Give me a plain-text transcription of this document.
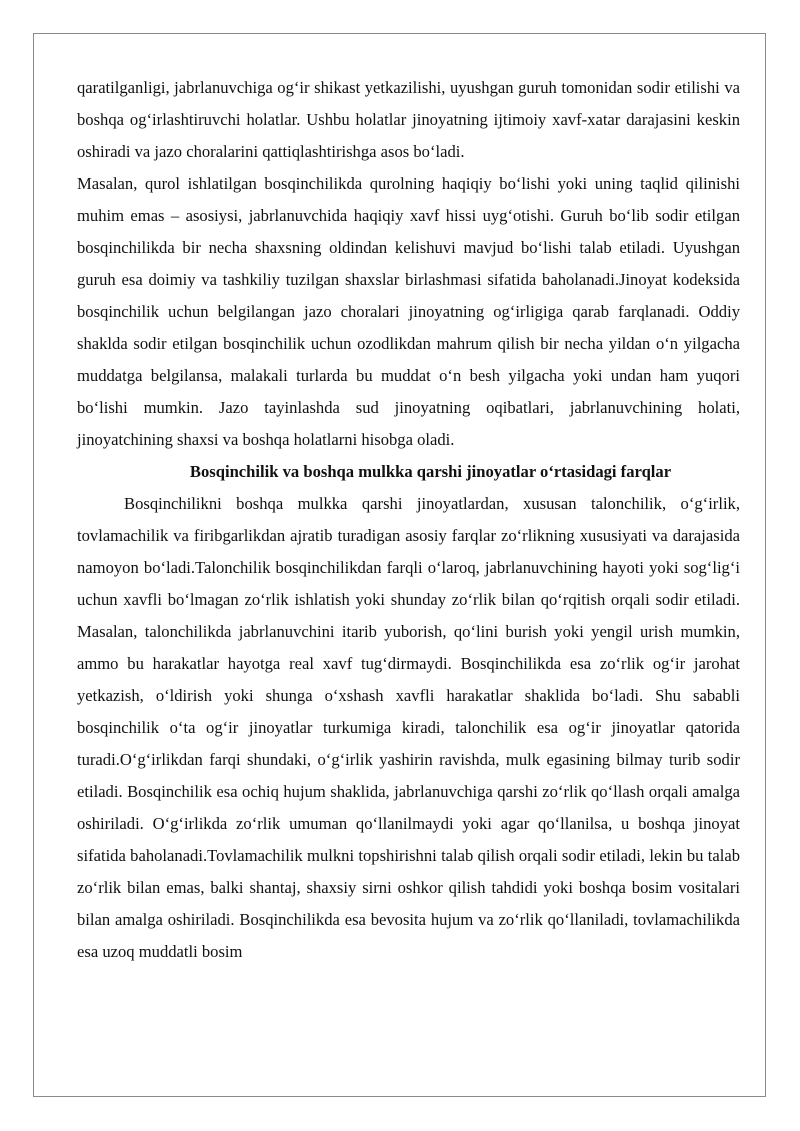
qaratilganligi, jabrlanuvchiga og‘ir shikast yetkazilishi, uyushgan guruh tomonidan sodir etilishi va boshqa og‘irlashtiruvchi holatlar. Ushbu holatlar jinoyatning ijtimoiy xavf-xatar darajasini keskin oshiradi va jazo choralarini qattiqlashtirishga asos bo‘ladi.

Masalan, qurol ishlatilgan bosqinchilikda qurolning haqiqiy bo‘lishi yoki uning taqlid qilinishi muhim emas – asosiysi, jabrlanuvchida haqiqiy xavf hissi uyg‘otishi. Guruh bo‘lib sodir etilgan bosqinchilikda bir necha shaxsning oldindan kelishuvi mavjud bo‘lishi talab etiladi. Uyushgan guruh esa doimiy va tashkiliy tuzilgan shaxslar birlashmasi sifatida baholanadi.Jinoyat kodeksida bosqinchilik uchun belgilangan jazo choralari jinoyatning og‘irligiga qarab farqlanadi. Oddiy shaklda sodir etilgan bosqinchilik uchun ozodlikdan mahrum qilish bir necha yildan o‘n yilgacha muddatga belgilansa, malakali turlarda bu muddat o‘n besh yilgacha yoki undan ham yuqori bo‘lishi mumkin. Jazo tayinlashda sud jinoyatning oqibatlari, jabrlanuvchining holati, jinoyatchining shaxsi va boshqa holatlarni hisobga oladi.

Bosqinchilik va boshqa mulkka qarshi jinoyatlar o‘rtasidagi farqlar

Bosqinchilikni boshqa mulkka qarshi jinoyatlardan, xususan talonchilik, o‘g‘irlik, tovlamachilik va firibgarlikdan ajratib turadigan asosiy farqlar zo‘rlikning xususiyati va darajasida namoyon bo‘ladi.Talonchilik bosqinchilikdan farqli o‘laroq, jabrlanuvchining hayoti yoki sog‘lig‘i uchun xavfli bo‘lmagan zo‘rlik ishlatish yoki shunday zo‘rlik bilan qo‘rqitish orqali sodir etiladi. Masalan, talonchilikda jabrlanuvchini itarib yuborish, qo‘lini burish yoki yengil urish mumkin, ammo bu harakatlar hayotga real xavf tug‘dirmaydi. Bosqinchilikda esa zo‘rlik og‘ir jarohat yetkazish, o‘ldirish yoki shunga o‘xshash xavfli harakatlar shaklida bo‘ladi. Shu sababli bosqinchilik o‘ta og‘ir jinoyatlar turkumiga kiradi, talonchilik esa og‘ir jinoyatlar qatorida turadi.O‘g‘irlikdan farqi shundaki, o‘g‘irlik yashirin ravishda, mulk egasining bilmay turib sodir etiladi. Bosqinchilik esa ochiq hujum shaklida, jabrlanuvchiga qarshi zo‘rlik qo‘llash orqali amalga oshiriladi. O‘g‘irlikda zo‘rlik umuman qo‘llanilmaydi yoki agar qo‘llanilsa, u boshqa jinoyat sifatida baholanadi.Tovlamachilik mulkni topshirishni talab qilish orqali sodir etiladi, lekin bu talab zo‘rlik bilan emas, balki shantaj, shaxsiy sirni oshkor qilish tahdidi yoki boshqa bosim vositalari bilan amalga oshiriladi. Bosqinchilikda esa bevosita hujum va zo‘rlik qo‘llaniladi, tovlamachilikda esa uzoq muddatli bosim
